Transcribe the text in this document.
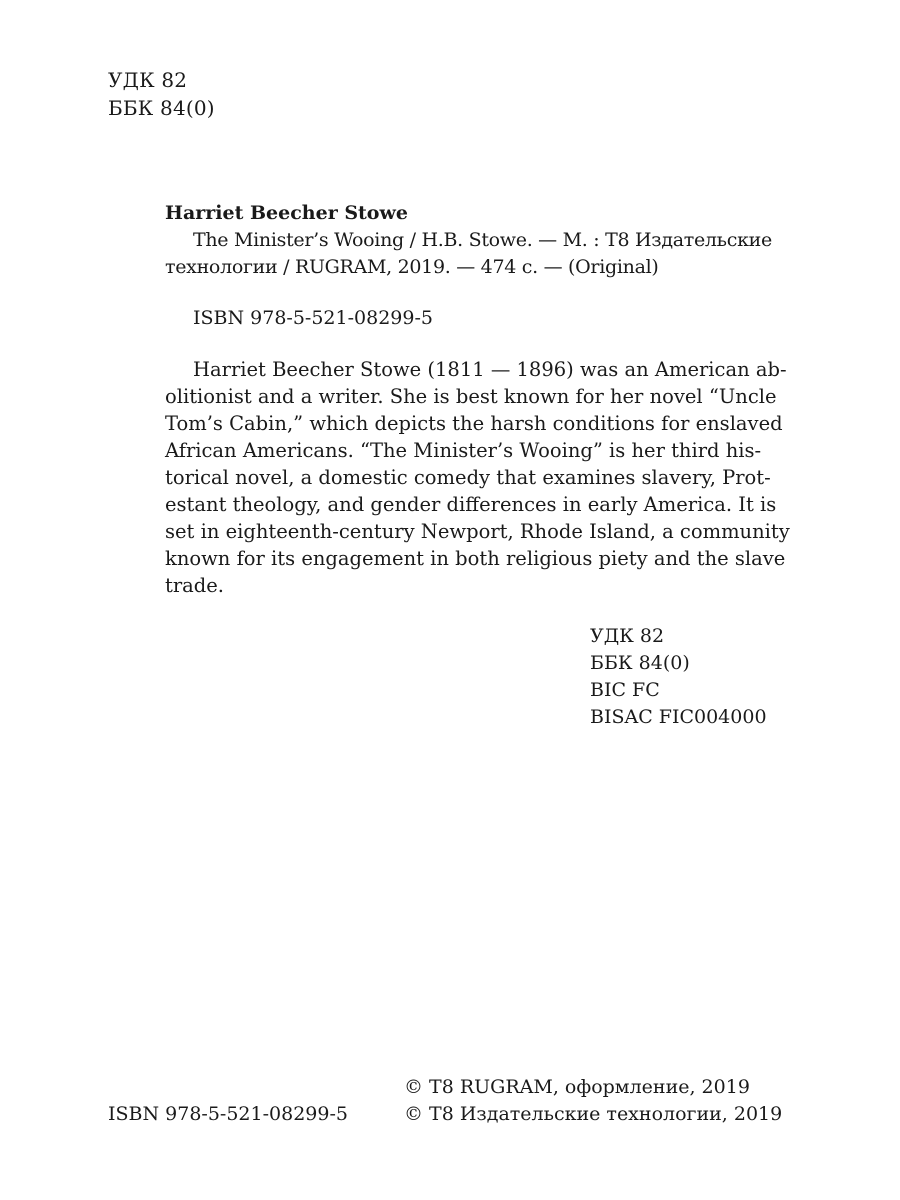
УДК 82
ББК 84(0)
Harriet Beecher Stowe
The Minister’s Wooing / H.B. Stowe. — М. : Т8 Издательские
технологии / RUGRAM, 2019. — 474 с. — (Original)
ISBN 978-5-521-08299-5
Harriet Beecher Stowe (1811 — 1896) was an American ab-
olitionist and a writer. She is best known for her novel “Uncle
Tom’s Cabin,” which depicts the harsh conditions for enslaved
African Americans. “The Minister’s Wooing” is her third his-
torical novel, a domestic comedy that examines slavery, Prot-
estant theology, and gender differences in early America. It is
set in eighteenth-century Newport, Rhode Island, a community
known for its engagement in both religious piety and the slave
trade.
УДК 82
ББК 84(0)
BIC FC
BISAC FIC004000
ISBN 978-5-521-08299-5
© Т8 RUGRAM, оформление, 2019
© Т8 Издательские технологии, 2019
